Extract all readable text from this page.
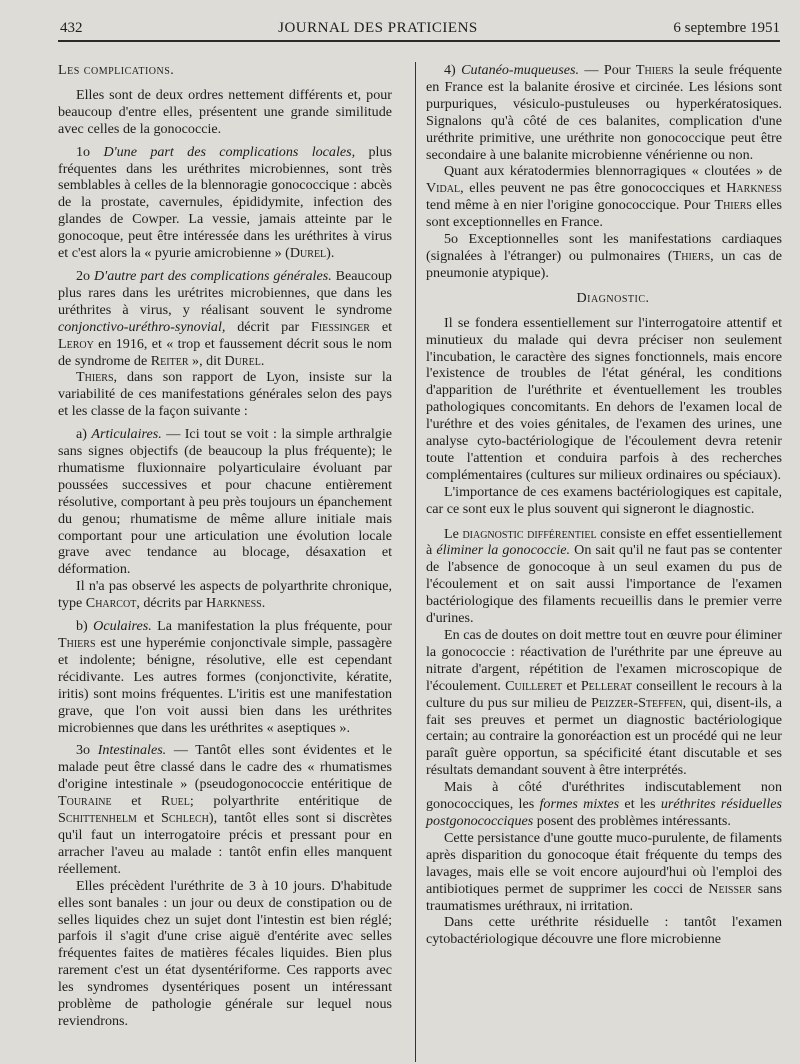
432	JOURNAL DES PRATICIENS	6 septembre 1951

Les complications.

Elles sont de deux ordres nettement différents et, pour beaucoup d'entre elles, présentent une grande similitude avec celles de la gonococcie.

1o D'une part des complications locales, plus fréquentes dans les uréthrites microbiennes, sont très semblables à celles de la blennoragie gonococcique : abcès de la prostate, cavernules, épididymite, infection des glandes de Cowper. La vessie, jamais atteinte par le gonocoque, peut être intéressée dans les uréthrites à virus et c'est alors la « pyurie amicrobienne » (Durel).

2o D'autre part des complications générales. Beaucoup plus rares dans les urétrites microbiennes, que dans les uréthrites à virus, y réalisant souvent le syndrome conjonctivo-uréthro-synovial, décrit par Fiessinger et Leroy en 1916, et « trop et faussement décrit sous le nom de syndrome de Reiter », dit Durel.

Thiers, dans son rapport de Lyon, insiste sur la variabilité de ces manifestations générales selon des pays et les classe de la façon suivante :

a) Articulaires. — Ici tout se voit : la simple arthralgie sans signes objectifs (de beaucoup la plus fréquente); le rhumatisme fluxionnaire polyarticulaire évoluant par poussées successives et pour chacune entièrement résolutive, comportant à peu près toujours un épanchement du genou; rhumatisme de même allure initiale mais comportant pour une articulation une évolution locale grave avec tendance au blocage, désaxation et déformation.

Il n'a pas observé les aspects de polyarthrite chronique, type Charcot, décrits par Harkness.

b) Oculaires. La manifestation la plus fréquente, pour Thiers est une hyperémie conjonctivale simple, passagère et indolente; bénigne, résolutive, elle est cependant récidivante. Les autres formes (conjonctivite, kératite, iritis) sont moins fréquentes. L'iritis est une manifestation grave, que l'on voit aussi bien dans les uréthrites microbiennes que dans les uréthrites « aseptiques ».

3o Intestinales. — Tantôt elles sont évidentes et le malade peut être classé dans le cadre des « rhumatismes d'origine intestinale » (pseudogonococcie entéritique de Touraine et Ruel; polyarthrite entéritique de Schittenhelm et Schlech), tantôt elles sont si discrètes qu'il faut un interrogatoire précis et pressant pour en arracher l'aveu au malade : tantôt enfin elles manquent réellement.

Elles précèdent l'uréthrite de 3 à 10 jours. D'habitude elles sont banales : un jour ou deux de constipation ou de selles liquides chez un sujet dont l'intestin est bien réglé; parfois il s'agit d'une crise aiguë d'entérite avec selles fréquentes faites de matières fécales liquides. Bien plus rarement c'est un état dysentériforme. Ces rapports avec les syndromes dysentériques posent un intéressant problème de pathologie générale sur lequel nous reviendrons.

4) Cutanéo-muqueuses. — Pour Thiers la seule fréquente en France est la balanite érosive et circinée. Les lésions sont purpuriques, vésiculo-pustuleuses ou hyperkératosiques. Signalons qu'à côté de ces balanites, complication d'une uréthrite primitive, une uréthrite non gonococcique peut être secondaire à une balanite microbienne vénérienne ou non.

Quant aux kératodermies blennorragiques « cloutées » de Vidal, elles peuvent ne pas être gonococciques et Harkness tend même à en nier l'origine gonococcique. Pour Thiers elles sont exceptionnelles en France.

5o Exceptionnelles sont les manifestations cardiaques (signalées à l'étranger) ou pulmonaires (Thiers, un cas de pneumonie atypique).

Diagnostic.

Il se fondera essentiellement sur l'interrogatoire attentif et minutieux du malade qui devra préciser non seulement l'incubation, le caractère des signes fonctionnels, mais encore l'existence de troubles de l'état général, les conditions d'apparition de l'uréthrite et éventuellement les troubles pathologiques concomitants. En dehors de l'examen local de l'uréthre et des voies génitales, de l'examen des urines, une analyse cyto-bactériologique de l'écoulement devra retenir toute l'attention et conduira parfois à des recherches complémentaires (cultures sur milieux ordinaires ou spéciaux).

L'importance de ces examens bactériologiques est capitale, car ce sont eux le plus souvent qui signeront le diagnostic.

Le diagnostic différentiel consiste en effet essentiellement à éliminer la gonococcie. On sait qu'il ne faut pas se contenter de l'absence de gonocoque à un seul examen du pus de l'écoulement et on sait aussi l'importance de l'examen bactériologique des filaments recueillis dans le premier verre d'urines.

En cas de doutes on doit mettre tout en œuvre pour éliminer la gonococcie : réactivation de l'uréthrite par une épreuve au nitrate d'argent, répétition de l'examen microscopique de l'écoulement. Cuilleret et Pellerat conseillent le recours à la culture du pus sur milieu de Peizzer-Steffen, qui, disent-ils, a fait ses preuves et permet un diagnostic bactériologique certain; au contraire la gonoréaction est un procédé qui ne leur paraît guère opportun, sa spécificité étant discutable et ses résultats demandant souvent à être interprétés.

Mais à côté d'uréthrites indiscutablement non gonococciques, les formes mixtes et les uréthrites résiduelles postgonococciques posent des problèmes intéressants.

Cette persistance d'une goutte muco-purulente, de filaments après disparition du gonocoque était fréquente du temps des lavages, mais elle se voit encore aujourd'hui où l'emploi des antibiotiques permet de supprimer les cocci de Neisser sans traumatismes uréthraux, ni irritation.

Dans cette uréthrite résiduelle : tantôt l'examen cytobactériologique découvre une flore microbienne
